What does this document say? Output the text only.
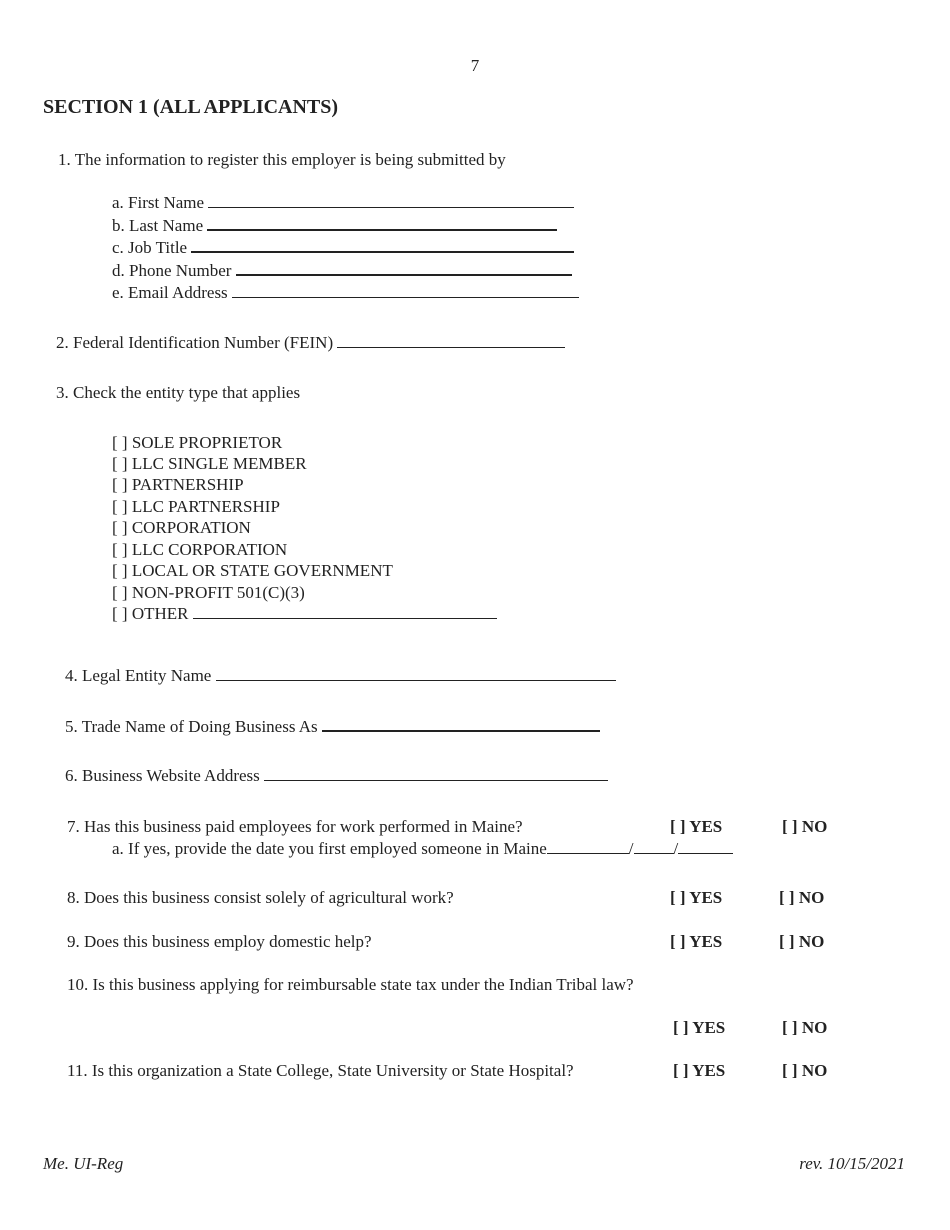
7
SECTION 1 (ALL APPLICANTS)
1. The information to register this employer is being submitted by
a. First Name
b. Last Name
c. Job Title
d. Phone Number
e. Email Address
2. Federal Identification Number (FEIN)
3. Check the entity type that applies
[ ] SOLE PROPRIETOR
[ ] LLC SINGLE MEMBER
[ ] PARTNERSHIP
[ ] LLC PARTNERSHIP
[ ] CORPORATION
[ ] LLC CORPORATION
[ ] LOCAL OR STATE GOVERNMENT
[ ] NON-PROFIT 501(C)(3)
[ ] OTHER
4. Legal Entity Name
5. Trade Name of Doing Business As
6. Business Website Address
7. Has this business paid employees for work performed in Maine?	[ ] YES	[ ] NO
a. If yes, provide the date you first employed someone in Maine	/ /
8. Does this business consist solely of agricultural work?	[ ] YES	[ ] NO
9. Does this business employ domestic help?	[ ] YES	[ ] NO
10. Is this business applying for reimbursable state tax under the Indian Tribal law?
[ ] YES	[ ] NO
11. Is this organization a State College, State University or State Hospital?	[ ] YES	[ ] NO
Me. UI-Reg	rev. 10/15/2021
